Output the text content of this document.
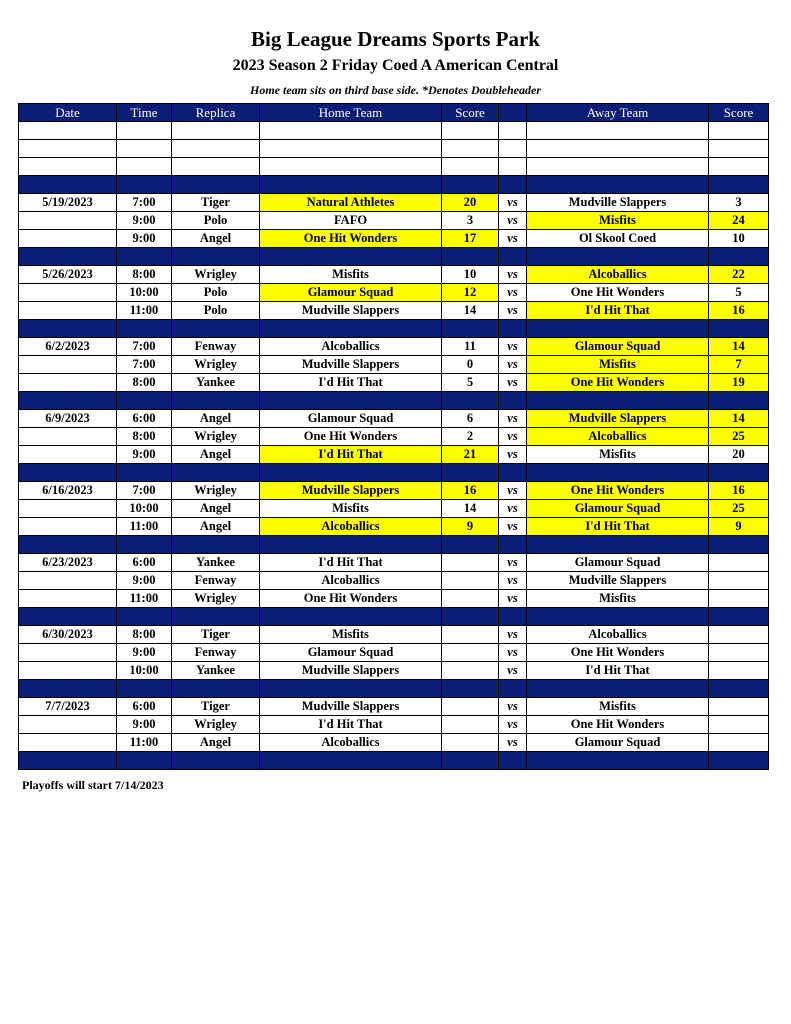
Big League Dreams Sports Park
2023 Season 2 Friday Coed A American Central
Home team sits on third base side. *Denotes Doubleheader
Date	Time	Replica	Home Team	Score		Away Team	Score

5/19/2023	7:00	Tiger	Natural Athletes	20	vs	Mudville Slappers	3
	9:00	Polo	FAFO	3	vs	Misfits	24
	9:00	Angel	One Hit Wonders	17	vs	Ol Skool Coed	10

5/26/2023	8:00	Wrigley	Misfits	10	vs	Alcoballics	22
	10:00	Polo	Glamour Squad	12	vs	One Hit Wonders	5
	11:00	Polo	Mudville Slappers	14	vs	I'd Hit That	16

6/2/2023	7:00	Fenway	Alcoballics	11	vs	Glamour Squad	14
	7:00	Wrigley	Mudville Slappers	0	vs	Misfits	7
	8:00	Yankee	I'd Hit That	5	vs	One Hit Wonders	19

6/9/2023	6:00	Angel	Glamour Squad	6	vs	Mudville Slappers	14
	8:00	Wrigley	One Hit Wonders	2	vs	Alcoballics	25
	9:00	Angel	I'd Hit That	21	vs	Misfits	20

6/16/2023	7:00	Wrigley	Mudville Slappers	16	vs	One Hit Wonders	16
	10:00	Angel	Misfits	14	vs	Glamour Squad	25
	11:00	Angel	Alcoballics	9	vs	I'd Hit That	9

6/23/2023	6:00	Yankee	I'd Hit That		vs	Glamour Squad	
	9:00	Fenway	Alcoballics		vs	Mudville Slappers	
	11:00	Wrigley	One Hit Wonders		vs	Misfits	

6/30/2023	8:00	Tiger	Misfits		vs	Alcoballics	
	9:00	Fenway	Glamour Squad		vs	One Hit Wonders	
	10:00	Yankee	Mudville Slappers		vs	I'd Hit That	

7/7/2023	6:00	Tiger	Mudville Slappers		vs	Misfits	
	9:00	Wrigley	I'd Hit That		vs	One Hit Wonders	
	11:00	Angel	Alcoballics		vs	Glamour Squad	

Playoffs will start 7/14/2023
